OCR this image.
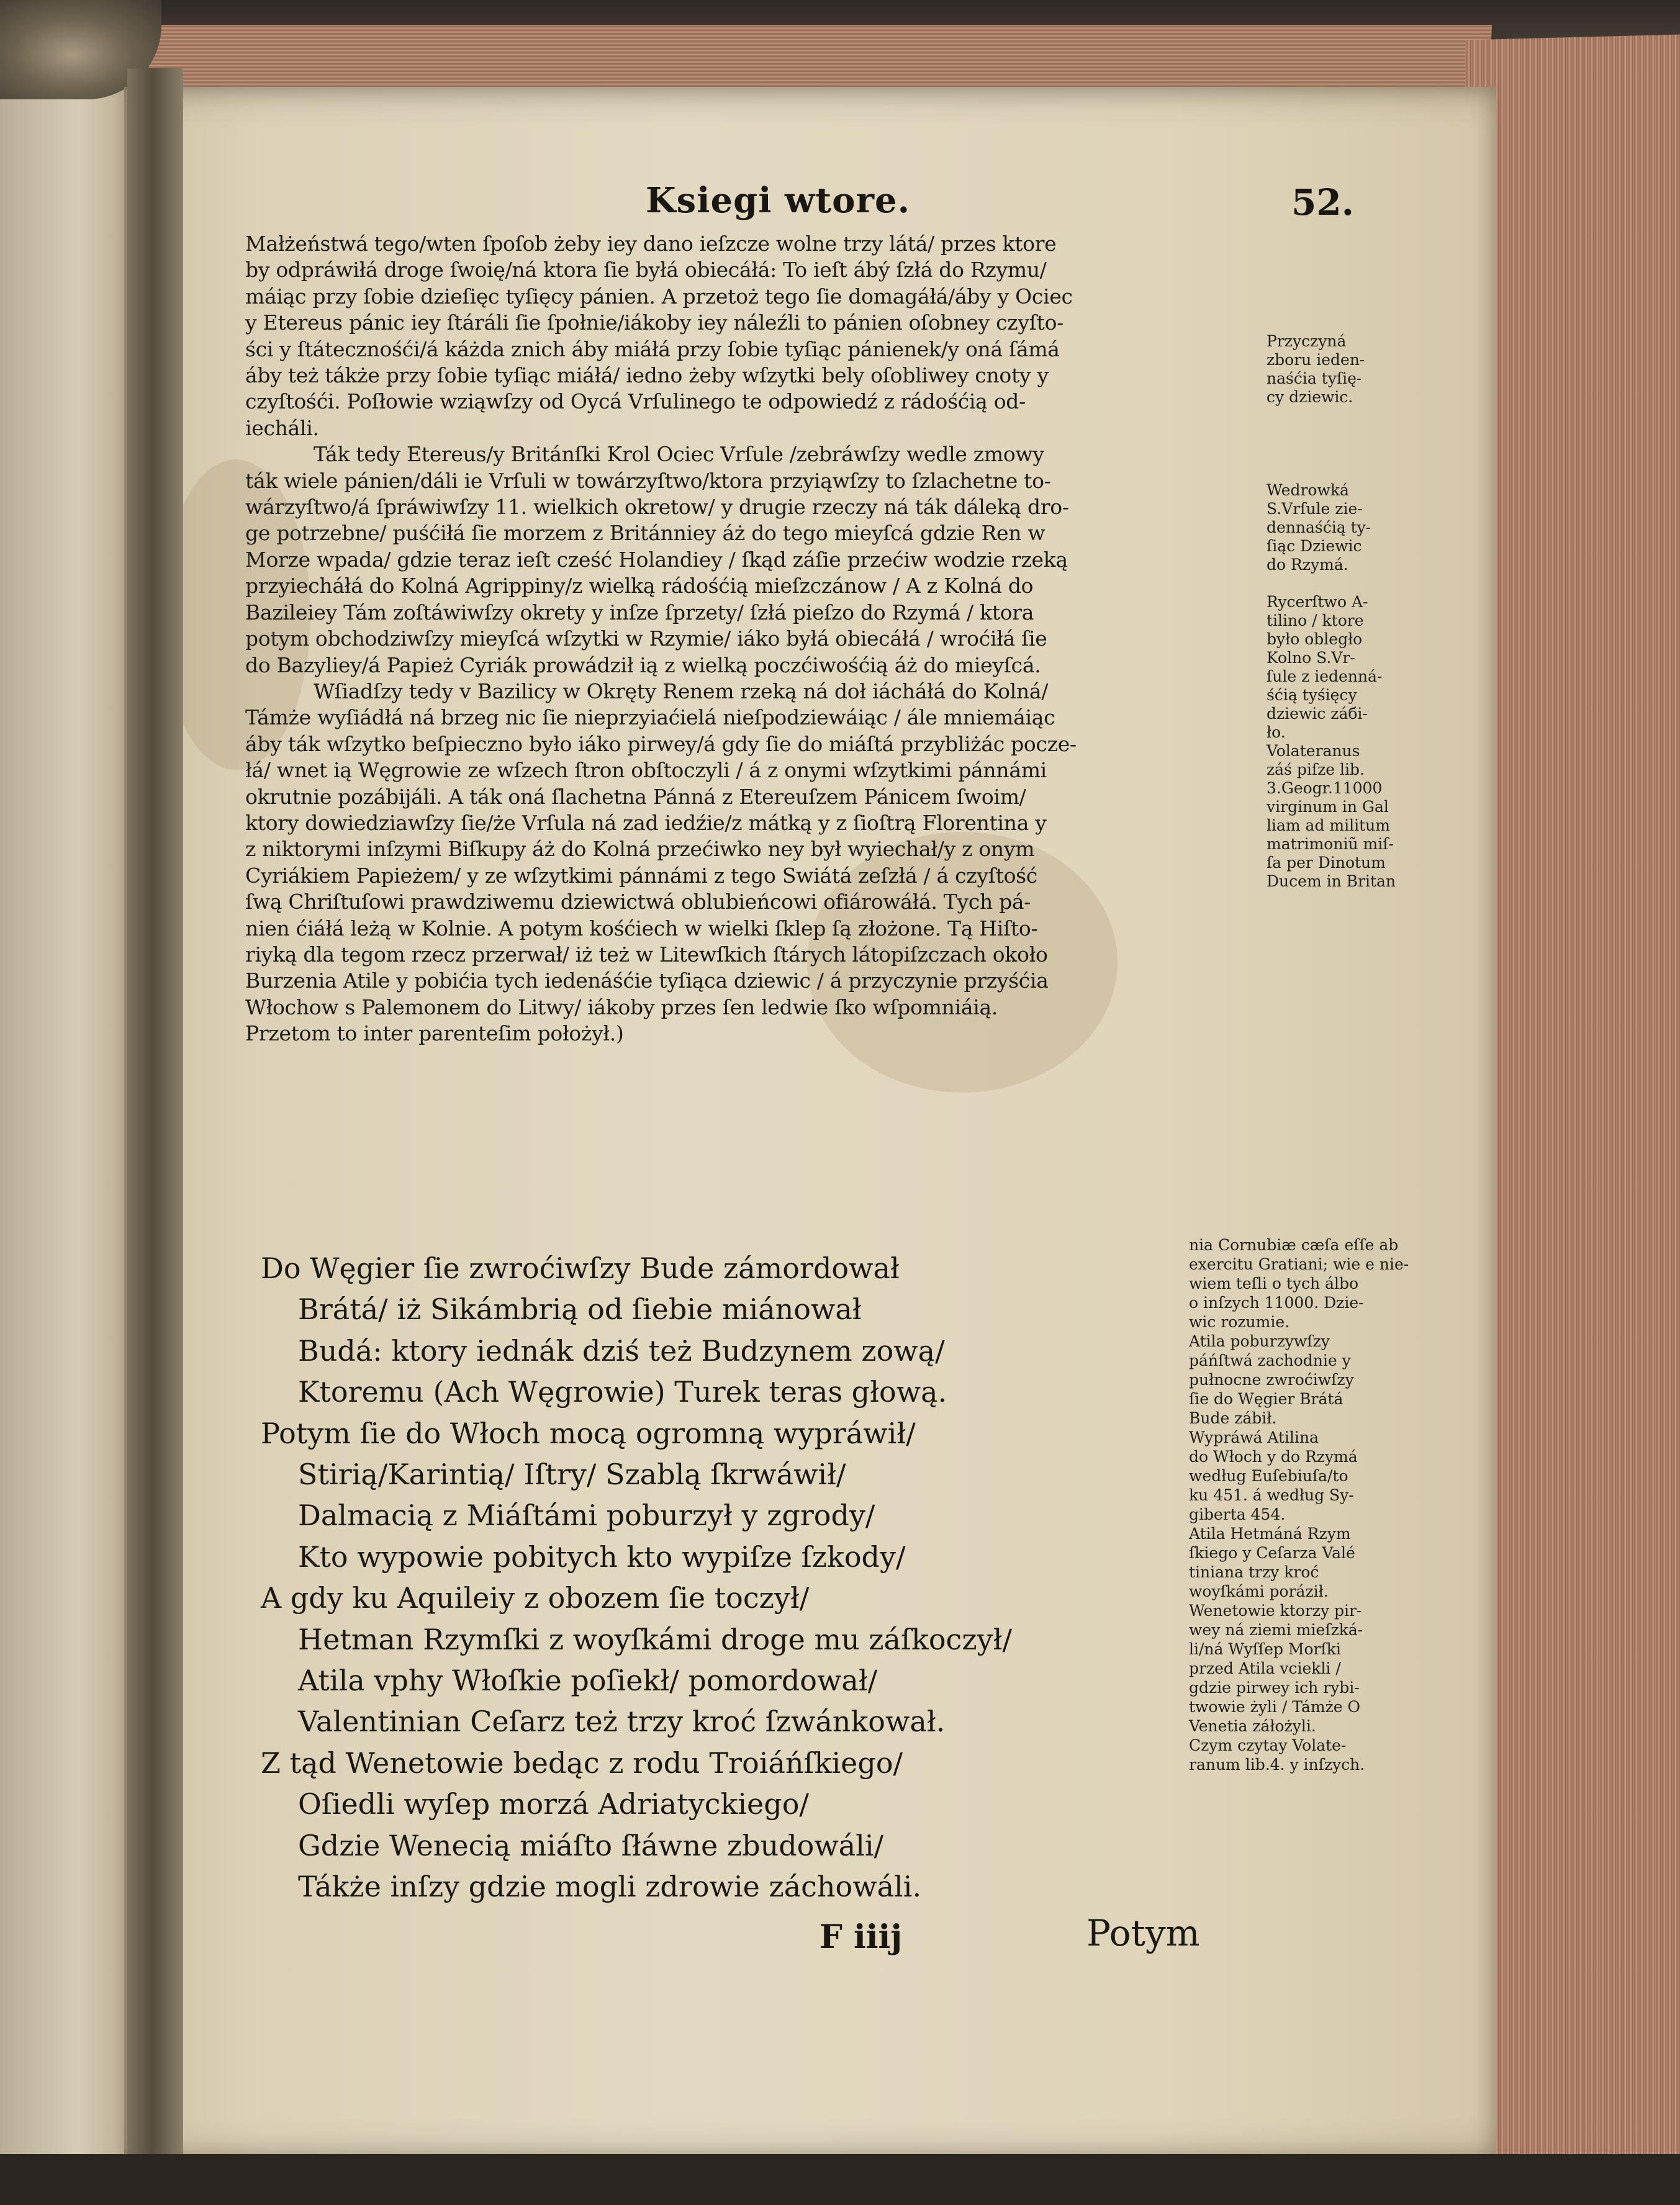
Ksiegi wtore.	52.
Małżeństwá tego/wten ſpoſob żeby iey dano ieſzcze wolne trzy látá/ przes ktore
by odpráwiłá droge ſwoię/ná ktora ſie byłá obiecáłá: To ieſt ábý ſzłá do Rzymu/
máiąc przy ſobie dzieſięc tyſięcy pánien. A przetoż tego ſie domagáłá/áby y Ociec
y Etereus pánic iey ſtáráli ſie ſpołnie/iákoby iey náleźli to pánien oſobney czyſto-
ści y ſtátecznośći/á káżda znich áby miáłá przy ſobie tyſiąc pánienek/y oná ſámá
áby też tákże przy ſobie tyſiąc miáłá/ iedno żeby wſzytki bely oſobliwey cnoty y
czyſtośći. Poſłowie wziąwſzy od Oycá Vrſulinego te odpowiedź z rádośćią od-
iecháli.
Ták tedy Etereus/y Británſki Krol Ociec Vrſule /zebráwſzy wedle zmowy
ták wiele pánien/dáli ie Vrſuli w towárzyſtwo/ktora przyiąwſzy to ſzlachetne to-
wárzyſtwo/á ſpráwiwſzy 11. wielkich okretow/ y drugie rzeczy ná ták dáleką dro-
ge potrzebne/ puśćiłá ſie morzem z Británniey áż do tego mieyſcá gdzie Ren w
Morze wpada/ gdzie teraz ieſt cześć Holandiey / ſkąd záſie przećiw wodzie rzeką
przyiecháłá do Kolná Agrippiny/z wielką rádośćią mieſzczánow / A z Kolná do
Bazileiey Tám zoſtáwiwſzy okrety y inſze ſprzety/ ſzłá pieſzo do Rzymá / ktora
potym obchodziwſzy mieyſcá wſzytki w Rzymie/ iáko byłá obiecáłá / wroćiłá ſie
do Bazyliey/á Papież Cyriák prowádził ią z wielką poczćiwośćią áż do mieyſcá.
Wſiadſzy tedy v Bazilicy w Okręty Renem rzeką ná doł iácháłá do Kolná/
Támże wyſiádłá ná brzeg nic ſie nieprzyiaćielá nieſpodziewáiąc / ále mniemáiąc
áby ták wſzytko beſpieczno było iáko pirwey/á gdy ſie do miáſtá przybliżác pocze-
łá/ wnet ią Węgrowie ze wſzech ſtron obſtoczyli / á z onymi wſzytkimi pánnámi
okrutnie pozábijáli. A ták oná ſlachetna Pánná z Etereuſzem Pánicem ſwoim/
ktory dowiedziawſzy ſie/że Vrſula ná zad iedźie/z mátką y z ſioſtrą Florentina y
z niktorymi inſzymi Biſkupy áż do Kolná przećiwko ney był wyiechał/y z onym
Cyriákiem Papieżem/ y ze wſzytkimi pánnámi z tego Swiátá zeſzłá / á czyſtość
ſwą Chriſtuſowi prawdziwemu dziewictwá oblubieńcowi ofiárowáłá. Tych pá-
nien ćiáłá leżą w Kolnie. A potym kośćiech w wielki ſklep ſą złożone. Tą Hiſto-
riyką dla tegom rzecz przerwał/ iż też w Litewſkich ſtárych látopiſzczach około
Burzenia Atile y pobićia tych iedenáśćie tyſiąca dziewic / á przyczynie przyśćia
Włochow s Palemonem do Litwy/ iákoby przes ſen ledwie ſko wſpomniáią.
Przetom to inter parenteſim położył.)
Do Węgier ſie zwroćiwſzy Bude zámordował
Brátá/ iż Sikámbrią od ſiebie miánował
Budá: ktory iednák dziś też Budzynem zową/
Ktoremu (Ach Węgrowie) Turek teras głową.
Potym ſie do Włoch mocą ogromną wypráwił/
Stirią/Karintią/ Iſtry/ Szablą ſkrwáwił/
Dalmacią z Miáſtámi poburzył y zgrody/
Kto wypowie pobitych kto wypiſze ſzkody/
A gdy ku Aquileiy z obozem ſie toczył/
Hetman Rzymſki z woyſkámi droge mu záſkoczył/
Atila vphy Włoſkie poſiekł/ pomordował/
Valentinian Ceſarz też trzy kroć ſzwánkował.
Z tąd Wenetowie bedąc z rodu Troiáńſkiego/
Oſiedli wyſep morzá Adriatyckiego/
Gdzie Wenecią miáſto ſłáwne zbudowáli/
Tákże inſzy gdzie mogli zdrowie záchowáli.
Przyczyná
zboru ieden-
naśćia tyſię-
cy dziewic.

Wedrowká
S.Vrſule zie-
dennaśćią ty-
ſiąc Dziewic
do Rzymá.

Rycerſtwo A-
tilino / ktore
było obległo
Kolno S.Vr-
ſule z iedenná-
śćią tyśięcy
dziewic záбi-
ło.
Volateranus
záś piſze lib.
3.Geogr.11000
virginum in Gal
liam ad militum
matrimoniũ miſ-
ſa per Dinotum
Ducem in Britan
nia Cornubiæ cæſa eſſe ab
exercitu Gratiani; wie e nie-
wiem teſli o tych álbo
o inſzych 11000. Dzie-
wic rozumie.
Atila poburzywſzy
páńſtwá zachodnie y
pułnocne zwroćiwſzy
ſie do Węgier Brátá
Bude zábił.
Wypráwá Atilina
do Włoch y do Rzymá
według Euſebiuſa/to
ku 451. á według Sy-
giberta 454.
Atila Hetmáná Rzym
ſkiego y Ceſarza Valé
tiniana trzy kroć
woyſkámi poráził.
Wenetowie ktorzy pir-
wey ná ziemi mieſzká-
li/ná Wyſſep Morſki
przed Atila vciekli /
gdzie pirwey ich rybi-
twowie żyli / Támże O
Venetia záłożyli.
Czym czytay Volate-
ranum lib.4. y inſzych.
F iiij	Potym
